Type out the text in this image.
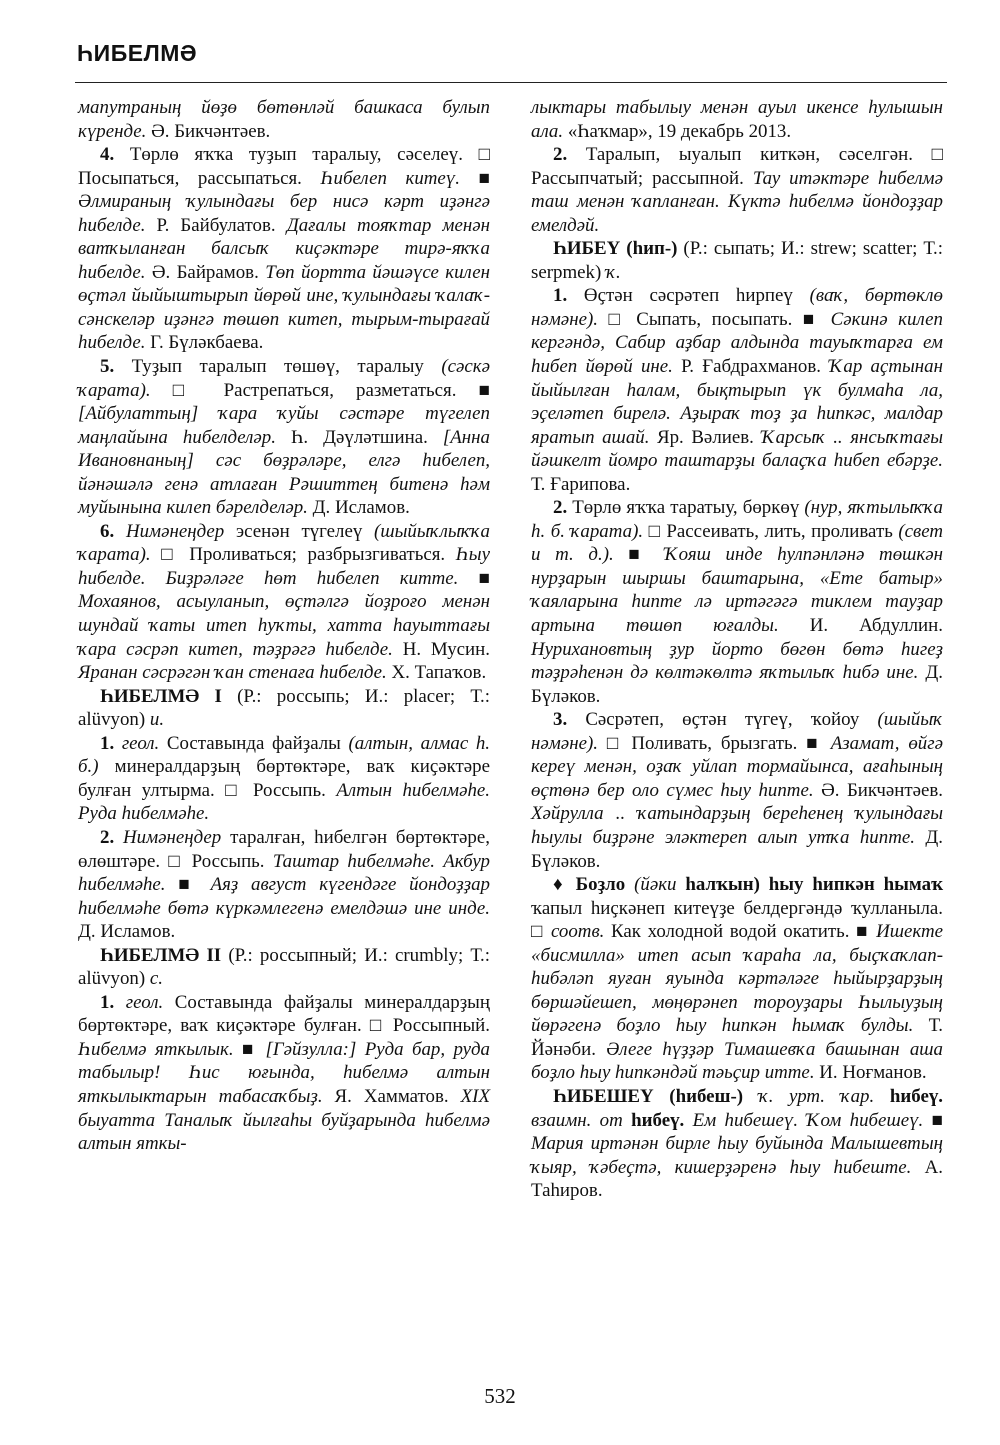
ҺИБЕЛМӘ

мапутраның йөҙө бөтөнләй башкаса булып күренде. Ә. Бикчәнтәев.

4. Төрлө яҡҡа туҙып таралыу, сәселеү. □ Посыпаться, рассыпаться. Һибелеп китеү. ■ Әлмираның ҡулындағы бер нисә кәрт иҙәнгә һибелде. Р. Байбулатов. Дағалы тояҡтар менән ватҡыланған балсыҡ киҫәктәре тирә-яҡҡа һибелде. Ә. Байрамов. Төп йортта йәшәүсе килен өҫтәл йыйыштырып йөрөй ине, ҡулындағы ҡалаҡ-сәнскеләр иҙәнгә төшөп китеп, тырым-тырағай һибелде. Г. Бүләкбаева.

5. Туҙып таралып төшөү, таралыу (сәскә ҡарата). □ Растрепаться, разметаться. ■ [Айбулаттың] ҡара ҡуйы сәстәре түгелеп маңлайына һибелделәр. Һ. Дәүләтшина. [Анна Ивановнаның] сәс бөҙрәләре, елгә һибелеп, йәнәшәлә генә атлаған Рәшиттең битенә һәм муйынына килеп бәрелделәр. Д. Исламов.

6. Нимәнеңдер эсенән түгелеү (шыйыҡлыҡҡа ҡарата). □ Проливаться; разбрызгиваться. Һыу һибелде. Биҙрәләге һөт һибелеп китте. ■ Мохаянов, асыуланып, өҫтәлгә йоҙроғо менән шундай ҡаты итеп һуҡты, хатта һауыттағы ҡара сәсрәп китеп, тәҙрәгә һибелде. Н. Мусин. Яранан сәсрәгән ҡан стенаға һибелде. Х. Тапаҡов.

ҺИБЕЛМӘ I (Р.: россыпь; И.: placer; Т.: alüvyon) и.

1. геол. Составында файҙалы (алтын, алмас һ. б.) минералдарҙың бөртөктәре, ваҡ киҫәктәре булған ултырма. □ Россыпь. Алтын һибелмәһе. Руда һибелмәһе.

2. Нимәнеңдер таралған, һибелгән бөртөктәре, өлөштәре. □ Россыпь. Таштар һибелмәһе. Акбур һибелмәһе. ■ Аяҙ август күгендәге йондоҙҙар һибелмәһе бөтә күркәмлегенә емелдәшә ине инде. Д. Исламов.

ҺИБЕЛМӘ II (Р.: россыпный; И.: crumbly; Т.: alüvyon) с.

1. геол. Составында файҙалы минералдарҙың бөртөктәре, ваҡ киҫәктәре булған. □ Россыпный. Һибелмә яткылык. ■ [Гәйзулла:] Руда бар, руда табылыр! Һис юғында, һибелмә алтын яткылыктарын табасаҡбыҙ. Я. Хамматов. XIX быуатта Таналыҡ йылғаһы буйҙарында һибелмә алтын яткы-

лыктары табылыу менән ауыл икенсе һулышын ала. «Һаҡмар», 19 декабрь 2013.

2. Таралып, ыуалып киткән, сәселгән. □ Рассыпчатый; рассыпной. Тау итәктәре һибелмә таш менән ҡапланған. Күктә һибелмә йондоҙҙар емелдәй.

ҺИБЕҮ (һип-) (Р.: сыпать; И.: strew; scatter; Т.: serpmek) ҡ.

1. Өҫтән сәсрәтеп һирпеү (ваҡ, бөртөклө нәмәне). □ Сыпать, посыпать. ■ Сәкинә килеп кергәндә, Сабир аҙбар алдында тауыҡтарға ем һибеп йөрөй ине. Р. Ғабдрахманов. Ҡар аҫтынан йыйылған һалам, бықтырып үк булмаһа ла, эҫеләтеп бирелә. Аҙыраҡ тоҙ ҙа һипкәс, малдар яратып ашай. Яр. Вәлиев. Ҡарсыҡ .. янсыҡтағы йәшкелт йомро таштарҙы балаҫҡа һибеп ебәрҙе. Т. Ғарипова.

2. Төрлө яҡҡа таратыу, бөркөү (нур, яҡтылыҡҡа һ. б. ҡарата). □ Рассеивать, лить, проливать (свет и т. д.). ■ Ҡояш инде һулпәнләнә төшкән нурҙарын шыршы баштарына, «Ете батыр» ҡаяларына һипте лә иртәгәгә тиклем тауҙар артына төшөп юғалды. И. Абдуллин. Нурихановтың ҙур йорто бөгөн бөтә һигеҙ тәҙрәһенән дә көлтәкөлтә яҡтылыҡ һибә ине. Д. Бүләков.

3. Сәсрәтеп, өҫтән түгеү, ҡойоу (шыйыҡ нәмәне). □ Поливать, брызгать. ■ Азамат, өйгә кереү менән, оҙаҡ уйлап тормайынса, ағаһының өҫтөнә бер оло сүмес һыу һипте. Ә. Бикчәнтәев. Хәйрулла .. ҡатындарҙың береһенең ҡулындағы һыулы биҙрәне эләктереп алып утҡа һипте. Д. Бүләков.

♦ Боҙло (йәки һалҡын) һыу һипкән һымаҡ ҡапыл һиҫкәнеп китеүҙе белдергәндә ҡулланыла. □ соотв. Как холодной водой окатить. ■ Ишекте «бисмилла» итеп асып ҡараһа ла, быҫҡаҡлап-һибәләп яуған яуында кәртәләге һыйырҙарҙың бөршәйешеп, мөңөрәнеп тороуҙары Һылыуҙың йөрәгенә боҙло һыу һипкән һымаҡ булды. Т. Йәнәби. Әлеге һүҙҙәр Тимашевҡа башынан аша боҙло һыу һипкәндәй тәьҫир итте. И. Ноғманов.

ҺИБЕШЕҮ (һибеш-) ҡ. урт. ҡар. һибеү. взаимн. от һибеү. Ем һибешеү. Ҡом һибешеү. ■ Мария иртәнән бирле һыу буйында Малышевтың ҡыяр, ҡәбеҫтә, кишерҙәренә һыу һибеште. А. Таһиров.

532
